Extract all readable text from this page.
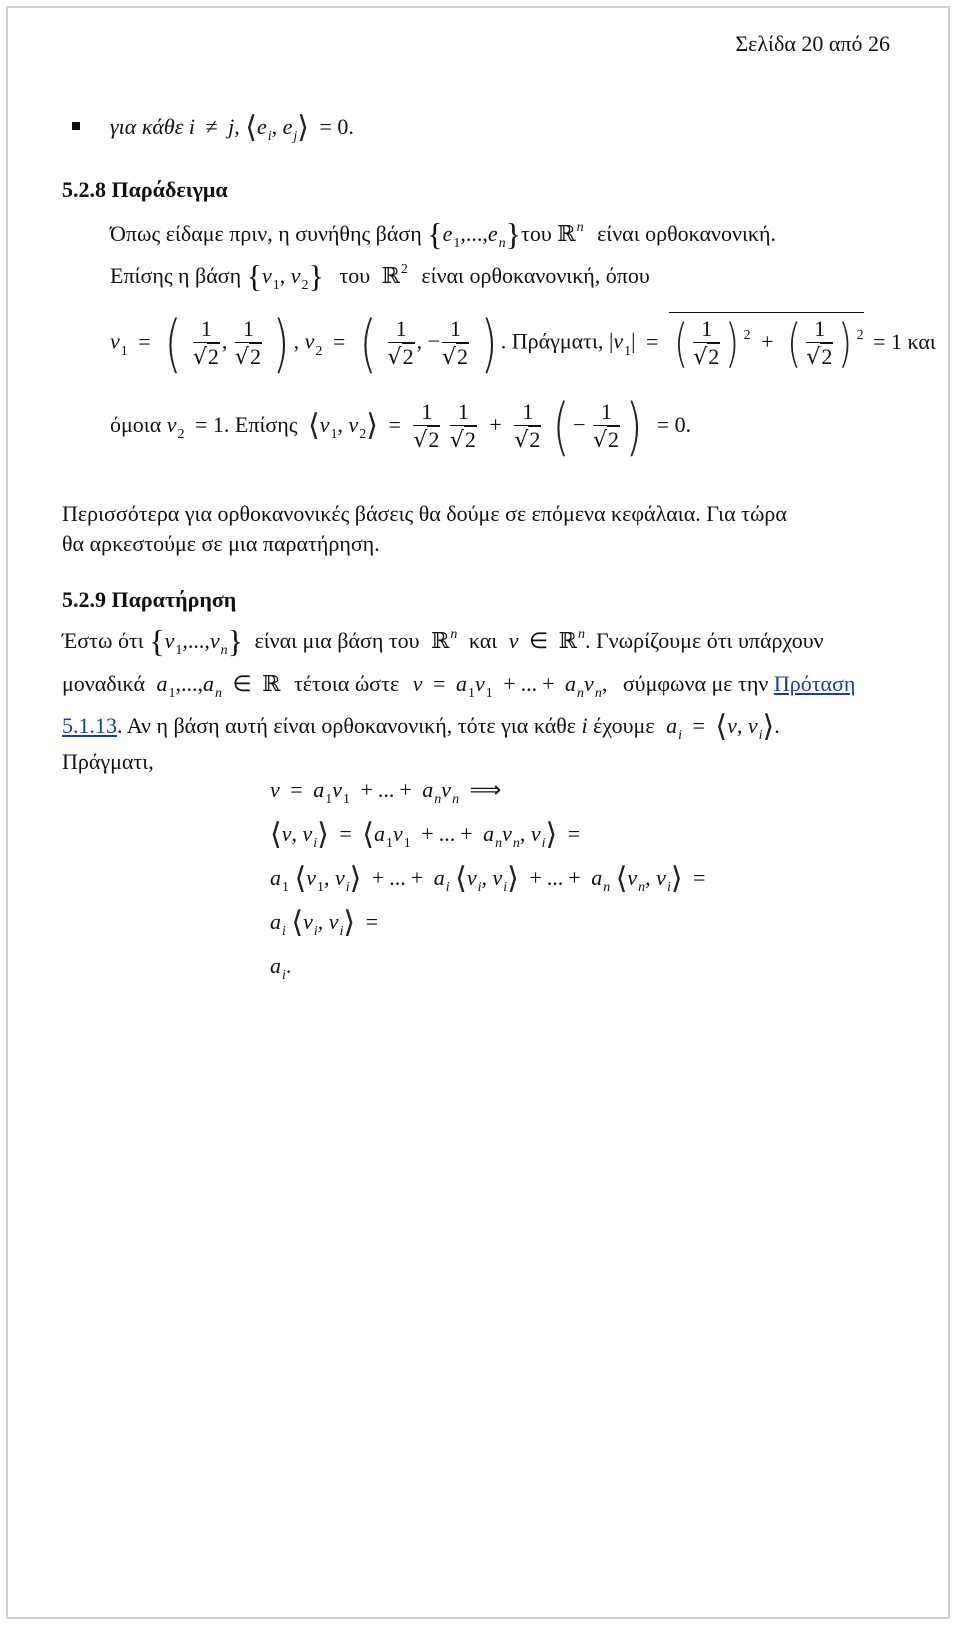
Σελίδα 20 από 26
για κάθε i ≠ j, $⟨e_i$, $e_j⟩ = 0$.
5.2.8 Παράδειγμα
Όπως είδαμε πριν, η συνήθης βάση $\{e_1,...,e_n\}\tau o\upsilon$ ℝ$^n$ είναι ορθοκανονική.
Επίσης η βάση {$v_1$, $v_2$} του ℝ$^2$ είναι ορθοκανονική, όπου
$v_1$ = ( $\frac{1}{√2}$ , $\frac{1}{√2}$ ) , $v_2$ = ( $\frac{1}{√2}$ , − $\frac{1}{√2}$ ) . Πράγματι, $|v_1|$ = ( $\frac{1}{√2}$ ) $^2$ + ( $\frac{1}{√2}$ ) $^2$ = 1 και
όμοια $v_2 = 1$. Επίσης $⟨v_1$, $v_2⟩ = \frac{1}{√2}$
$\frac{1}{√2} + \frac{1}{√2}$ ( − $\frac{1}{√2}$ ) = 0.
Περισσότερα για ορθοκανονικές βάσεις θα δούμε σε επόμενα κεφάλαια. Για τώρα
θα αρκεστούμε σε μια παρατήρηση.
5.2.9 Παρατήρηση
Έστω ότι $\{v_1,...,v_n\}$ είναι μια βάση του ℝ$^n$ και v ∈ ℝ$^n$. Γνωρίζουμε ότι υπάρχουν
μοναδικά $a_1,...,a_n$ ∈ ℝ τέτοια ώστε $v = a_1v_1$ + ... + $a_nv_n$, σύμφωνα με την Πρόταση
5.1.13. Αν η βάση αυτή είναι ορθοκανονική, τότε για κάθε i έχουμε $a_i$ = ⟨v, $v_i⟩$.
Πράγματι,
$v = a_1v_1$ + ... + $a_nv_n$ ⟹
⟨v, $v_i⟩$ = $⟨a_1v_1$ + ... + $a_nv_n$, $v_i⟩$ =
$a_1$ $⟨v_1$, $v_i⟩$ + ... + $a_i$ $⟨v_i$, $v_i⟩$ + ... + $a_n$ $⟨v_n$, $v_i⟩$ =
$a_i$ $⟨v_i$, $v_i⟩$ =
$a_i$.
